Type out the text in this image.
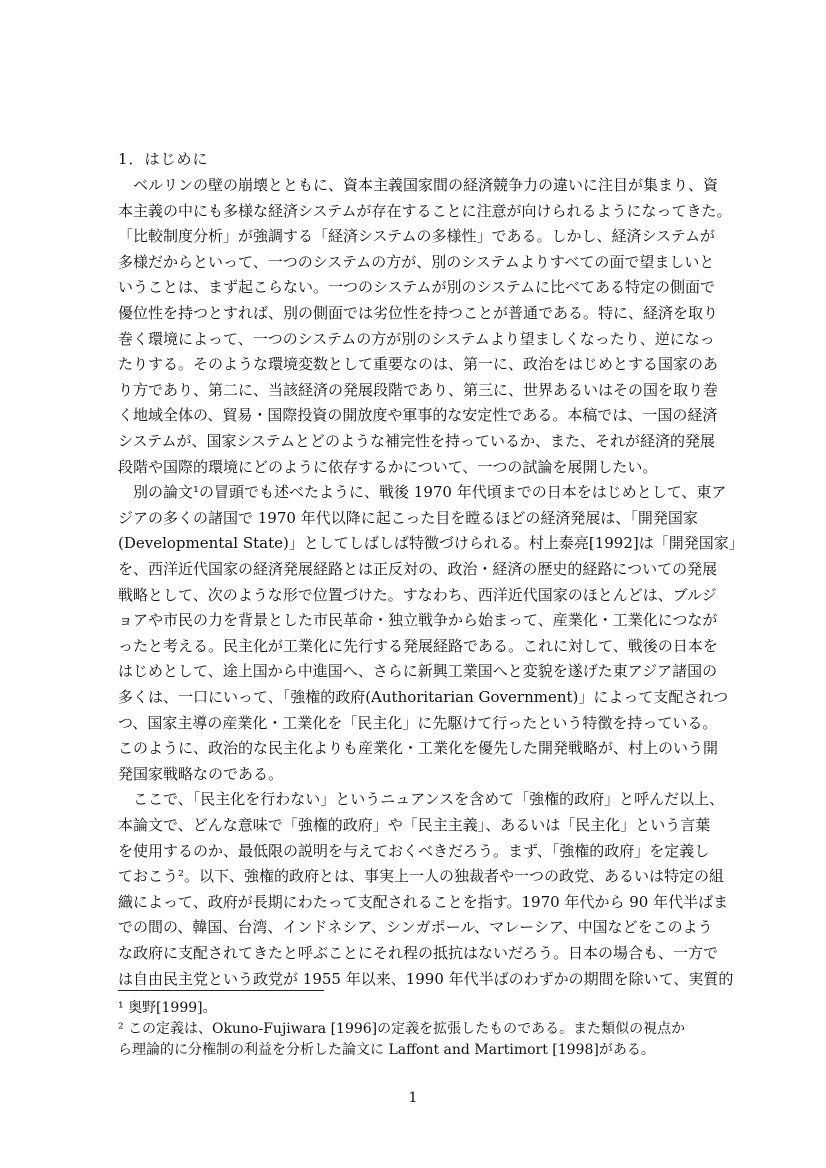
1．はじめに
　ベルリンの壁の崩壊とともに、資本主義国家間の経済競争力の違いに注目が集まり、資
本主義の中にも多様な経済システムが存在することに注意が向けられるようになってきた。
「比較制度分析」が強調する「経済システムの多様性」である。しかし、経済システムが
多様だからといって、一つのシステムの方が、別のシステムよりすべての面で望ましいと
いうことは、まず起こらない。一つのシステムが別のシステムに比べてある特定の側面で
優位性を持つとすれば、別の側面では劣位性を持つことが普通である。特に、経済を取り
巻く環境によって、一つのシステムの方が別のシステムより望ましくなったり、逆になっ
たりする。そのような環境変数として重要なのは、第一に、政治をはじめとする国家のあ
り方であり、第二に、当該経済の発展段階であり、第三に、世界あるいはその国を取り巻
く地域全体の、貿易・国際投資の開放度や軍事的な安定性である。本稿では、一国の経済
システムが、国家システムとどのような補完性を持っているか、また、それが経済的発展
段階や国際的環境にどのように依存するかについて、一つの試論を展開したい。
　別の論文¹の冒頭でも述べたように、戦後 1970 年代頃までの日本をはじめとして、東ア
ジアの多くの諸国で 1970 年代以降に起こった目を瞠るほどの経済発展は、「開発国家
(Developmental State)」としてしばしば特徴づけられる。村上泰亮[1992]は「開発国家」
を、西洋近代国家の経済発展経路とは正反対の、政治・経済の歴史的経路についての発展
戦略として、次のような形で位置づけた。すなわち、西洋近代国家のほとんどは、ブルジ
ョアや市民の力を背景とした市民革命・独立戦争から始まって、産業化・工業化につなが
ったと考える。民主化が工業化に先行する発展経路である。これに対して、戦後の日本を
はじめとして、途上国から中進国へ、さらに新興工業国へと変貌を遂げた東アジア諸国の
多くは、一口にいって、「強権的政府(Authoritarian Government)」によって支配されつ
つ、国家主導の産業化・工業化を「民主化」に先駆けて行ったという特徴を持っている。
このように、政治的な民主化よりも産業化・工業化を優先した開発戦略が、村上のいう開
発国家戦略なのである。
　ここで、「民主化を行わない」というニュアンスを含めて「強権的政府」と呼んだ以上、
本論文で、どんな意味で「強権的政府」や「民主主義」、あるいは「民主化」という言葉
を使用するのか、最低限の説明を与えておくべきだろう。まず、「強権的政府」を定義し
ておこう²。以下、強権的政府とは、事実上一人の独裁者や一つの政党、あるいは特定の組
織によって、政府が長期にわたって支配されることを指す。1970 年代から 90 年代半ばま
での間の、韓国、台湾、インドネシア、シンガポール、マレーシア、中国などをこのよう
な政府に支配されてきたと呼ぶことにそれ程の抵抗はないだろう。日本の場合も、一方で
は自由民主党という政党が 1955 年以来、1990 年代半ばのわずかの期間を除いて、実質的
¹ 奥野[1999]。
² この定義は、Okuno-Fujiwara [1996]の定義を拡張したものである。また類似の視点か
ら理論的に分権制の利益を分析した論文に Laffont and Martimort [1998]がある。
1
